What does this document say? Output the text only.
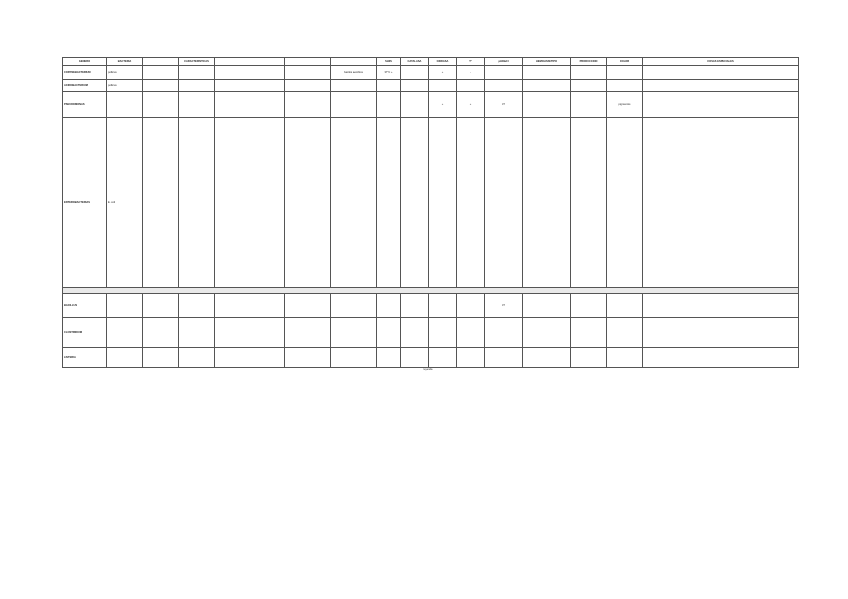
GENERO	BACTERIA		CARACTERISTICAS				SH2S	CATALASA	OXIDASA	T°	pH/NaCl	HEMOLISIS/TIPO	PRODUCCION	COLOR	COSAS ESPECIALES
CORYNEBACTERIUM	pollicus					bacilos aerobios	37°C +		+	-					
ACIDOBACTERIUM	pollicus														
PSEUDOMONAS									+	+	37			pigmentos	
ENTEROBACTERIAS	E. coli														

BACILLUS											37				
CLOSTRIDIUM															
LISTERIA															
leyenda
